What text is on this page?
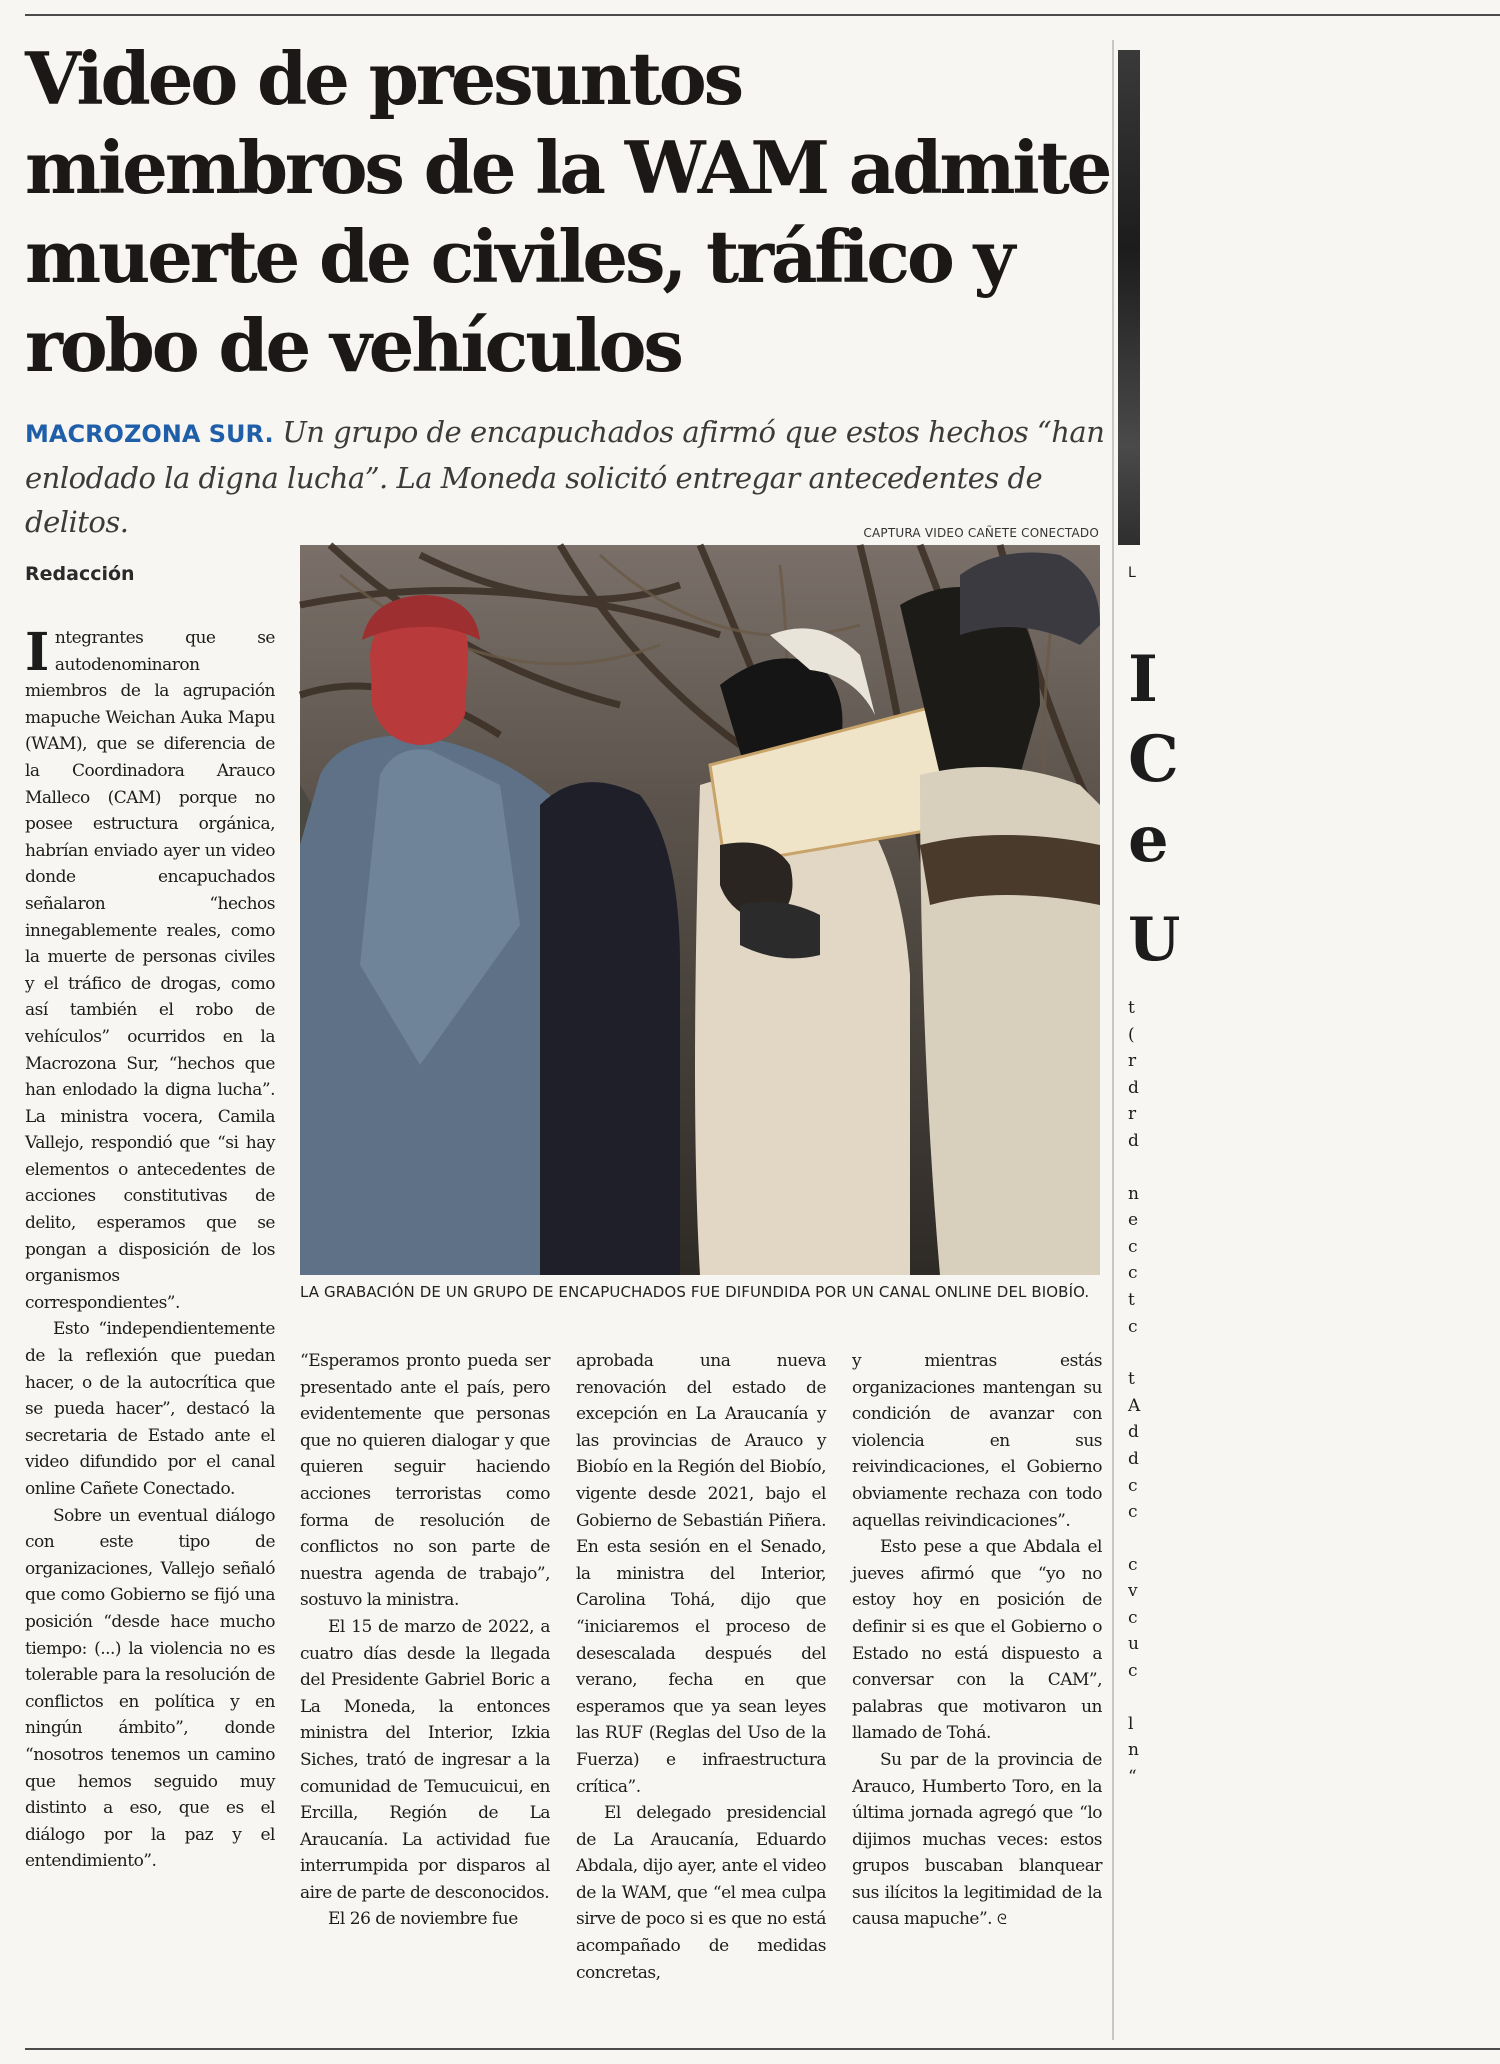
Video de presuntos miembros de la WAM admite muerte de civiles, tráfico y robo de vehículos

MACROZONA SUR. Un grupo de encapuchados afirmó que estos hechos “han enlodado la digna lucha”. La Moneda solicitó entregar antecedentes de delitos.	CAPTURA VIDEO CAÑETE CONECTADO
Redacción
LA GRABACIÓN DE UN GRUPO DE ENCAPUCHADOS FUE DIFUNDIDA POR UN CANAL ONLINE DEL BIOBÍO.

Integrantes que se autodenominaron miembros de la agrupación mapuche Weichan Auka Mapu (WAM), que se diferencia de la Coordinadora Arauco Malleco (CAM) porque no posee estructura orgánica, habrían enviado ayer un video donde encapuchados señalaron “hechos innegablemente reales, como la muerte de personas civiles y el tráfico de drogas, como así también el robo de vehículos” ocurridos en la Macrozona Sur, “hechos que han enlodado la digna lucha”. La ministra vocera, Camila Vallejo, respondió que “si hay elementos o antecedentes de acciones constitutivas de delito, esperamos que se pongan a disposición de los organismos correspondientes”.

Esto “independientemente de la reflexión que puedan hacer, o de la autocrítica que se pueda hacer”, destacó la secretaria de Estado ante el video difundido por el canal online Cañete Conectado.

Sobre un eventual diálogo con este tipo de organizaciones, Vallejo señaló que como Gobierno se fijó una posición “desde hace mucho tiempo: (...) la violencia no es tolerable para la resolución de conflictos en política y en ningún ámbito”, donde “nosotros tenemos un camino que hemos seguido muy distinto a eso, que es el diálogo por la paz y el entendimiento”.

“Esperamos pronto pueda ser presentado ante el país, pero evidentemente que personas que no quieren dialogar y que quieren seguir haciendo acciones terroristas como forma de resolución de conflictos no son parte de nuestra agenda de trabajo”, sostuvo la ministra.

El 15 de marzo de 2022, a cuatro días desde la llegada del Presidente Gabriel Boric a La Moneda, la entonces ministra del Interior, Izkia Siches, trató de ingresar a la comunidad de Temucuicui, en Ercilla, Región de La Araucanía. La actividad fue interrumpida por disparos al aire de parte de desconocidos.

El 26 de noviembre fue

aprobada una nueva renovación del estado de excepción en La Araucanía y las provincias de Arauco y Biobío en la Región del Biobío, vigente desde 2021, bajo el Gobierno de Sebastián Piñera. En esta sesión en el Senado, la ministra del Interior, Carolina Tohá, dijo que “iniciaremos el proceso de desescalada después del verano, fecha en que esperamos que ya sean leyes las RUF (Reglas del Uso de la Fuerza) e infraestructura crítica”.

El delegado presidencial de La Araucanía, Eduardo Abdala, dijo ayer, ante el video de la WAM, que “el mea culpa sirve de poco si es que no está acompañado de medidas concretas,

y mientras estás organizaciones mantengan su condición de avanzar con violencia en sus reivindicaciones, el Gobierno obviamente rechaza con todo aquellas reivindicaciones”.

Esto pese a que Abdala el jueves afirmó que “yo no estoy hoy en posición de definir si es que el Gobierno o Estado no está dispuesto a conversar con la CAM”, palabras que motivaron un llamado de Tohá.

Su par de la provincia de Arauco, Humberto Toro, en la última jornada agregó que “lo dijimos muchas veces: estos grupos buscaban blanquear sus ilícitos la legitimidad de la causa mapuche”. ᘓ

L
I
C
e
U
t
(
r
d
r
d
n
e
c
c
t
c
t
A
d
d
c
c
c
v
c
u
c
l
n
“
